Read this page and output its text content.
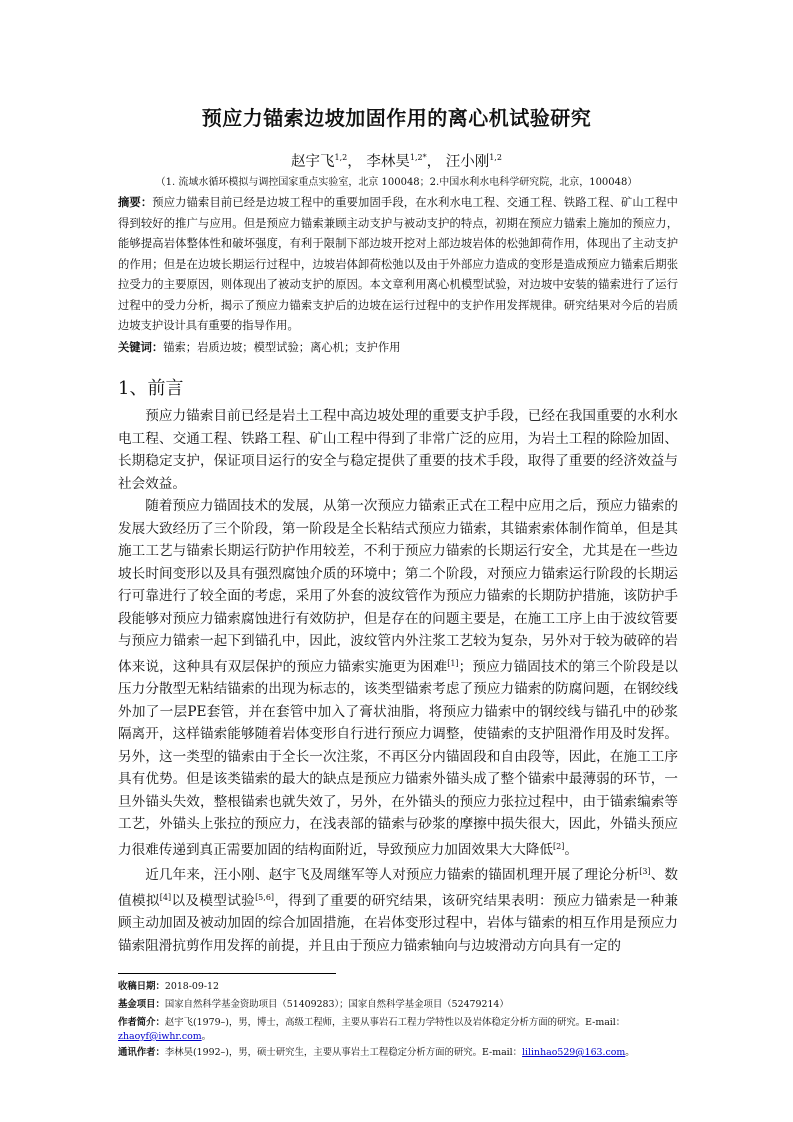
预应力锚索边坡加固作用的离心机试验研究
赵宇飞$^{1,2}$， 李林昊$^{1,2*}$， 汪小刚$^{1,2}$
（1. 流域水循环模拟与调控国家重点实验室，北京 100048；2.中国水利水电科学研究院，北京，100048）
摘要：预应力锚索目前已经是边坡工程中的重要加固手段，在水利水电工程、交通工程、铁路工程、矿山工程中得到较好的推广与应用。但是预应力锚索兼顾主动支护与被动支护的特点，初期在预应力锚索上施加的预应力，能够提高岩体整体性和破坏强度，有利于限制下部边坡开挖对上部边坡岩体的松弛卸荷作用，体现出了主动支护的作用；但是在边坡长期运行过程中，边坡岩体卸荷松弛以及由于外部应力造成的变形是造成预应力锚索后期张拉受力的主要原因，则体现出了被动支护的原因。本文章利用离心机模型试验，对边坡中安装的锚索进行了运行过程中的受力分析，揭示了预应力锚索支护后的边坡在运行过程中的支护作用发挥规律。研究结果对今后的岩质边坡支护设计具有重要的指导作用。
关键词：锚索；岩质边坡；模型试验；离心机；支护作用
1、前言

预应力锚索目前已经是岩土工程中高边坡处理的重要支护手段，已经在我国重要的水利水电工程、交通工程、铁路工程、矿山工程中得到了非常广泛的应用，为岩土工程的除险加固、长期稳定支护，保证项目运行的安全与稳定提供了重要的技术手段，取得了重要的经济效益与社会效益。

随着预应力锚固技术的发展，从第一次预应力锚索正式在工程中应用之后，预应力锚索的发展大致经历了三个阶段，第一阶段是全长粘结式预应力锚索，其锚索索体制作简单，但是其施工工艺与锚索长期运行防护作用较差，不利于预应力锚索的长期运行安全，尤其是在一些边坡长时间变形以及具有强烈腐蚀介质的环境中；第二个阶段，对预应力锚索运行阶段的长期运行可靠进行了较全面的考虑，采用了外套的波纹管作为预应力锚索的长期防护措施，该防护手段能够对预应力锚索腐蚀进行有效防护，但是存在的问题主要是，在施工工序上由于波纹管要与预应力锚索一起下到锚孔中，因此，波纹管内外注浆工艺较为复杂，另外对于较为破碎的岩体来说，这种具有双层保护的预应力锚索实施更为困难[1]；预应力锚固技术的第三个阶段是以压力分散型无粘结锚索的出现为标志的，该类型锚索考虑了预应力锚索的防腐问题，在钢绞线外加了一层PE套管，并在套管中加入了膏状油脂，将预应力锚索中的钢绞线与锚孔中的砂浆隔离开，这样锚索能够随着岩体变形自行进行预应力调整，使锚索的支护阻滑作用及时发挥。另外，这一类型的锚索由于全长一次注浆，不再区分内锚固段和自由段等，因此，在施工工序具有优势。但是该类锚索的最大的缺点是预应力锚索外锚头成了整个锚索中最薄弱的环节，一旦外锚头失效，整根锚索也就失效了，另外，在外锚头的预应力张拉过程中，由于锚索编索等工艺，外锚头上张拉的预应力，在浅表部的锚索与砂浆的摩擦中损失很大，因此，外锚头预应力很难传递到真正需要加固的结构面附近，导致预应力加固效果大大降低[2]。

近几年来，汪小刚、赵宇飞及周继军等人对预应力锚索的锚固机理开展了理论分析[3]、数值模拟[4]以及模型试验[5,6]，得到了重要的研究结果，该研究结果表明：预应力锚索是一种兼顾主动加固及被动加固的综合加固措施，在岩体变形过程中，岩体与锚索的相互作用是预应力锚索阻滑抗剪作用发挥的前提，并且由于预应力锚索轴向与边坡滑动方向具有一定的

收稿日期：2018-09-12
基金项目：国家自然科学基金资助项目（51409283）；国家自然科学基金项目（52479214）
作者简介：赵宇飞(1979–)，男，博士，高级工程师，主要从事岩石工程力学特性以及岩体稳定分析方面的研究。E-mail：zhaoyf@iwhr.com。
通讯作者：李林昊(1992–)，男，硕士研究生，主要从事岩土工程稳定分析方面的研究。E-mail：lilinhao529@163.com。
